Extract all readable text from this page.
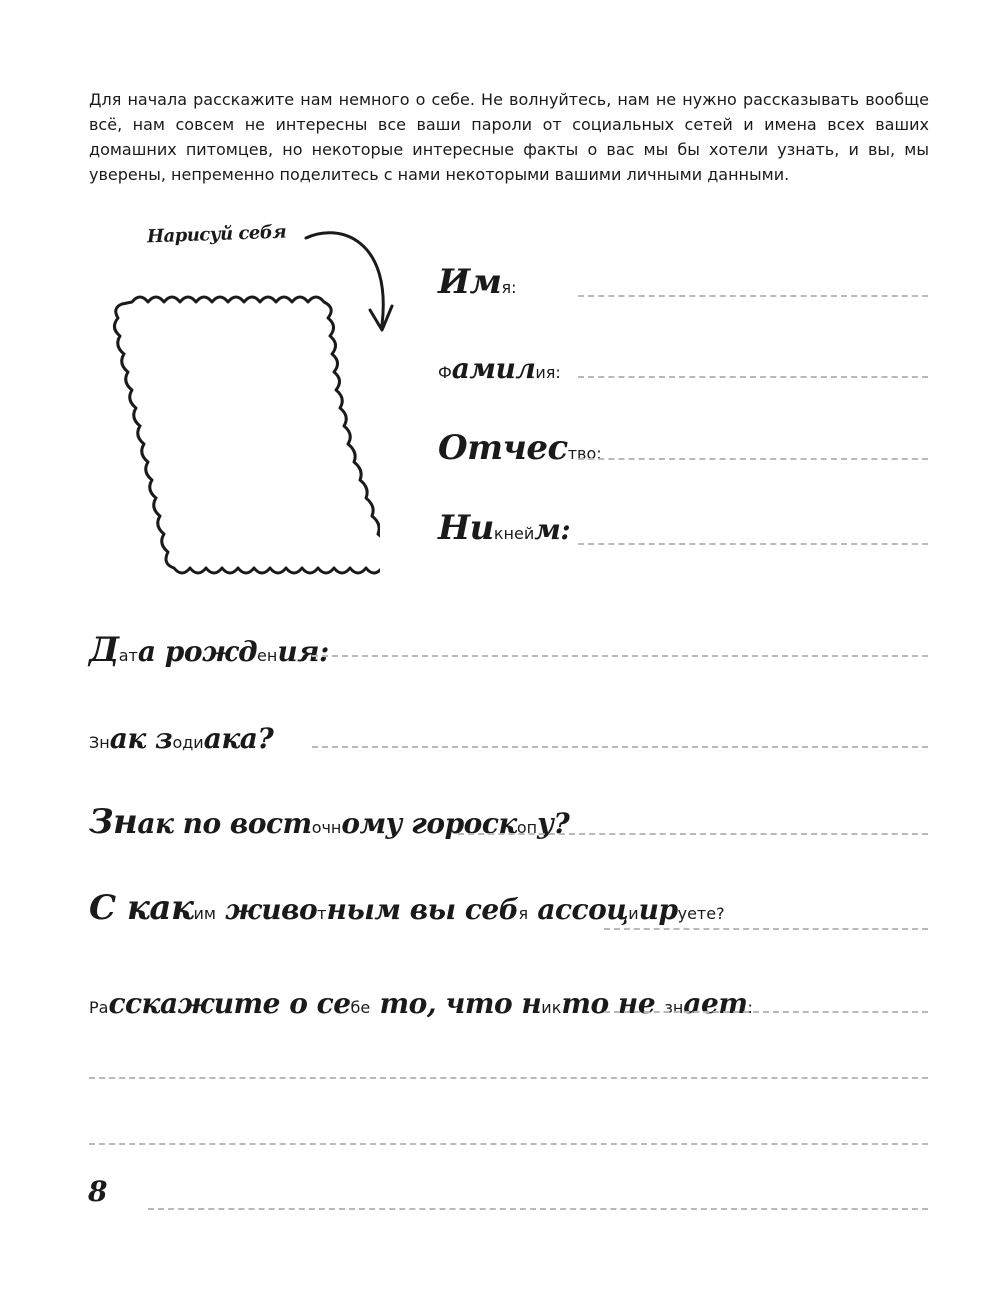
Для начала расскажите нам немного о себе. Не волнуйтесь, нам не нужно рассказывать вообще всё, нам совсем не интересны все ваши пароли от социальных сетей и имена всех ваших домашних питомцев, но некоторые интересные факты о вас мы бы хотели узнать, и вы, мы уверены, непременно поделитесь с нами некоторыми вашими личными данными.

Нарисуй себя
Имя:
Фамилия:
Отчество:
Никнейм:
Дата рождения:
Знак зодиака?
Знак по восточному гороскопу?
С каким животным вы себя ассоциируете?
Расскажите о себе то, что никто не знает:
8
